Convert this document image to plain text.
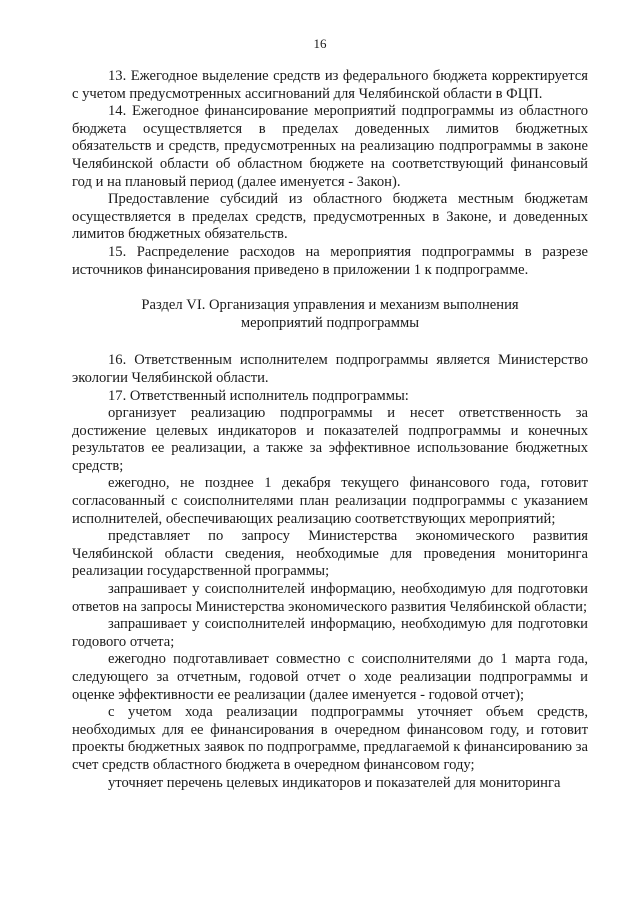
16

13. Ежегодное выделение средств из федерального бюджета корректируется с учетом предусмотренных ассигнований для Челябинской области в ФЦП.

14. Ежегодное финансирование мероприятий подпрограммы из областного бюджета осуществляется в пределах доведенных лимитов бюджетных обязательств и средств, предусмотренных на реализацию подпрограммы в законе Челябинской области об областном бюджете на соответствующий финансовый год и на плановый период (далее именуется - Закон).

Предоставление субсидий из областного бюджета местным бюджетам осуществляется в пределах средств, предусмотренных в Законе, и доведенных лимитов бюджетных обязательств.

15. Распределение расходов на мероприятия подпрограммы в разрезе источников финансирования приведено в приложении 1 к подпрограмме.

Раздел VI. Организация управления и механизм выполнения
мероприятий подпрограммы

16. Ответственным исполнителем подпрограммы является Министерство экологии Челябинской области.

17. Ответственный исполнитель подпрограммы:

организует реализацию подпрограммы и несет ответственность за достижение целевых индикаторов и показателей подпрограммы и конечных результатов ее реализации, а также за эффективное использование бюджетных средств;

ежегодно, не позднее 1 декабря текущего финансового года, готовит согласованный с соисполнителями план реализации подпрограммы с указанием исполнителей, обеспечивающих реализацию соответствующих мероприятий;

представляет по запросу Министерства экономического развития Челябинской области сведения, необходимые для проведения мониторинга реализации государственной программы;

запрашивает у соисполнителей информацию, необходимую для подготовки ответов на запросы Министерства экономического развития Челябинской области;

запрашивает у соисполнителей информацию, необходимую для подготовки годового отчета;

ежегодно подготавливает совместно с соисполнителями до 1 марта года, следующего за отчетным, годовой отчет о ходе реализации подпрограммы и оценке эффективности ее реализации (далее именуется - годовой отчет);

с учетом хода реализации подпрограммы уточняет объем средств, необходимых для ее финансирования в очередном финансовом году, и готовит проекты бюджетных заявок по подпрограмме, предлагаемой к финансированию за счет средств областного бюджета в очередном финансовом году;

уточняет перечень целевых индикаторов и показателей для мониторинга
